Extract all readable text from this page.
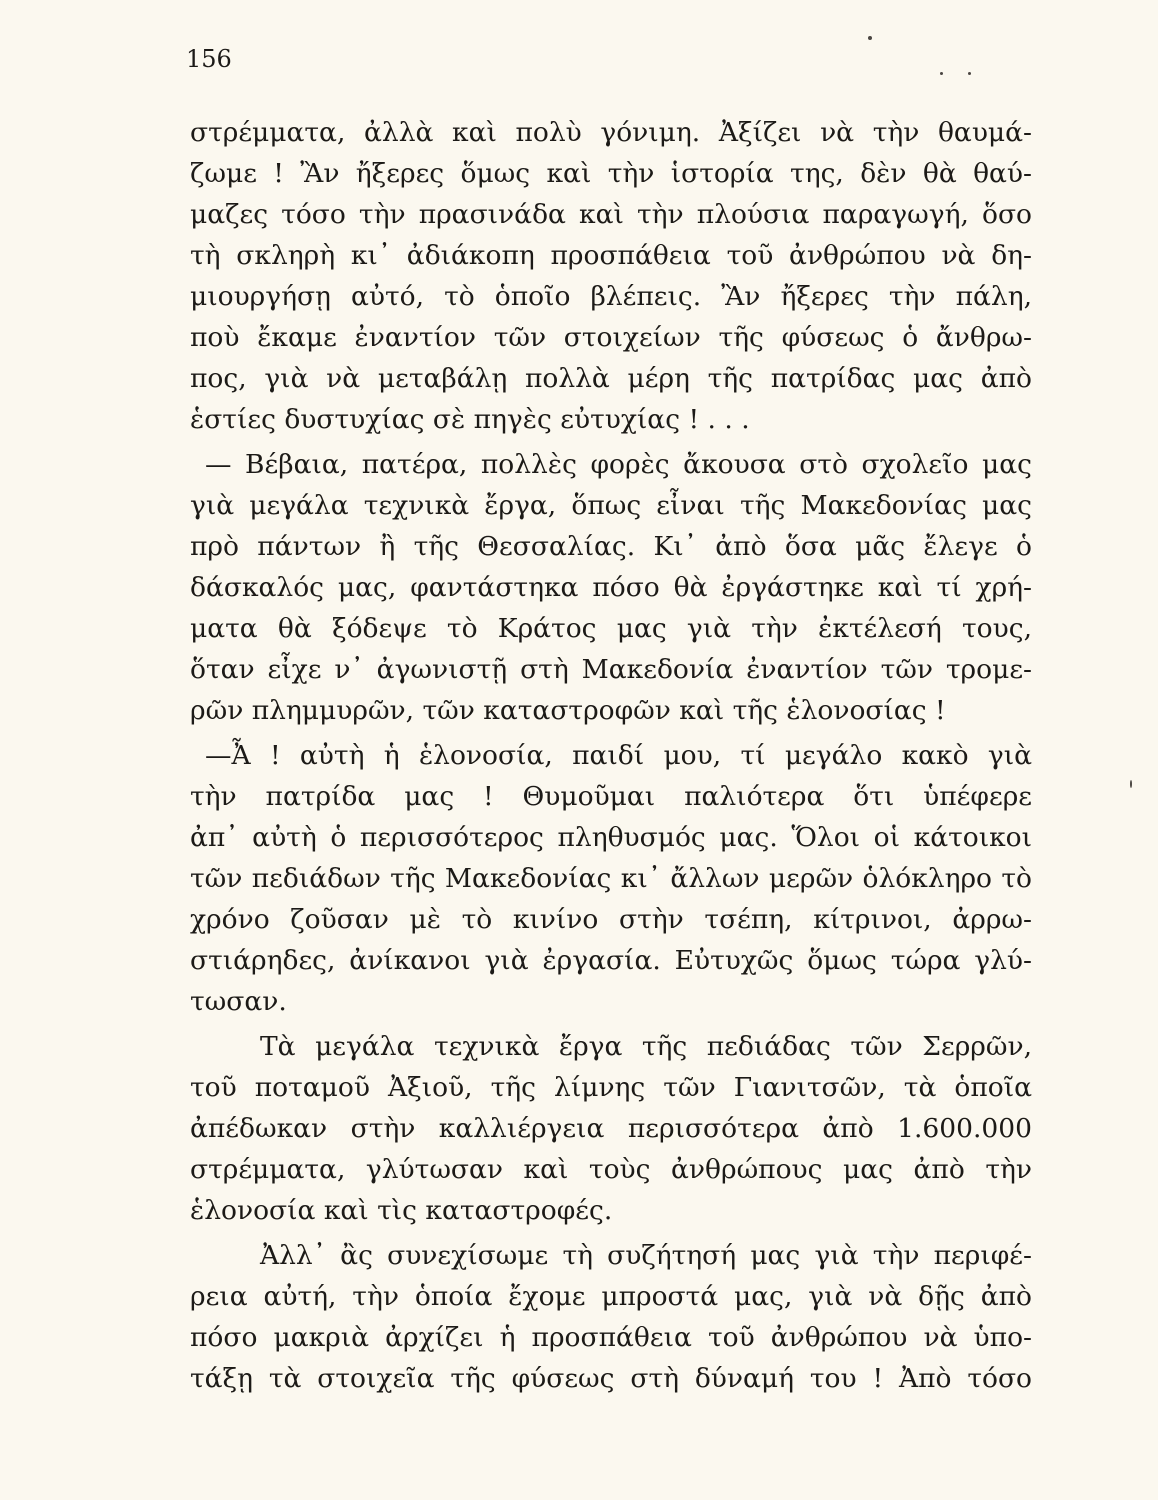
156
στρέμματα, ἀλλὰ καὶ πολὺ γόνιμη. Ἀξίζει νὰ τὴν θαυμά-
ζωμε ! Ἂν ἤξερες ὅμως καὶ τὴν ἱστορία της, δὲν θὰ θαύ-
μαζες τόσο τὴν πρασινάδα καὶ τὴν πλούσια παραγωγή, ὅσο
τὴ σκληρὴ κι᾽ ἀδιάκοπη προσπάθεια τοῦ ἀνθρώπου νὰ δη-
μιουργήσῃ αὐτό, τὸ ὁποῖο βλέπεις. Ἂν ἤξερες τὴν πάλη,
ποὺ ἔκαμε ἐναντίον τῶν στοιχείων τῆς φύσεως ὁ ἄνθρω-
πος, γιὰ νὰ μεταβάλῃ πολλὰ μέρη τῆς πατρίδας μας ἀπὸ
ἑστίες δυστυχίας σὲ πηγὲς εὐτυχίας ! . . .
— Βέβαια, πατέρα, πολλὲς φορὲς ἄκουσα στὸ σχολεῖο μας
γιὰ μεγάλα τεχνικὰ ἔργα, ὅπως εἶναι τῆς Μακεδονίας μας
πρὸ πάντων ἢ τῆς Θεσσαλίας. Κι᾽ ἀπὸ ὅσα μᾶς ἔλεγε ὁ
δάσκαλός μας, φαντάστηκα πόσο θὰ ἐργάστηκε καὶ τί χρή-
ματα θὰ ξόδεψε τὸ Κράτος μας γιὰ τὴν ἐκτέλεσή τους,
ὅταν εἶχε ν᾽ ἀγωνιστῇ στὴ Μακεδονία ἐναντίον τῶν τρομε-
ρῶν πλημμυρῶν, τῶν καταστροφῶν καὶ τῆς ἑλονοσίας !
—Ἆ ! αὐτὴ ἡ ἑλονοσία, παιδί μου, τί μεγάλο κακὸ γιὰ
τὴν πατρίδα μας ! Θυμοῦμαι παλιότερα ὅτι ὑπέφερε
ἀπ᾽ αὐτὴ ὁ περισσότερος πληθυσμός μας. Ὅλοι οἱ κάτοικοι
τῶν πεδιάδων τῆς Μακεδονίας κι᾽ ἄλλων μερῶν ὁλόκληρο τὸ
χρόνο ζοῦσαν μὲ τὸ κινίνο στὴν τσέπη, κίτρινοι, ἀρρω-
στιάρηδες, ἀνίκανοι γιὰ ἐργασία. Εὐτυχῶς ὅμως τώρα γλύ-
τωσαν.
Τὰ μεγάλα τεχνικὰ ἔργα τῆς πεδιάδας τῶν Σερρῶν,
τοῦ ποταμοῦ Ἀξιοῦ, τῆς λίμνης τῶν Γιανιτσῶν, τὰ ὁποῖα
ἀπέδωκαν στὴν καλλιέργεια περισσότερα ἀπὸ 1.600.000
στρέμματα, γλύτωσαν καὶ τοὺς ἀνθρώπους μας ἀπὸ τὴν
ἑλονοσία καὶ τὶς καταστροφές.
Ἀλλ᾽ ἂς συνεχίσωμε τὴ συζήτησή μας γιὰ τὴν περιφέ-
ρεια αὐτή, τὴν ὁποία ἔχομε μπροστά μας, γιὰ νὰ δῇς ἀπὸ
πόσο μακριὰ ἀρχίζει ἡ προσπάθεια τοῦ ἀνθρώπου νὰ ὑπο-
τάξῃ τὰ στοιχεῖα τῆς φύσεως στὴ δύναμή του ! Ἀπὸ τόσο
